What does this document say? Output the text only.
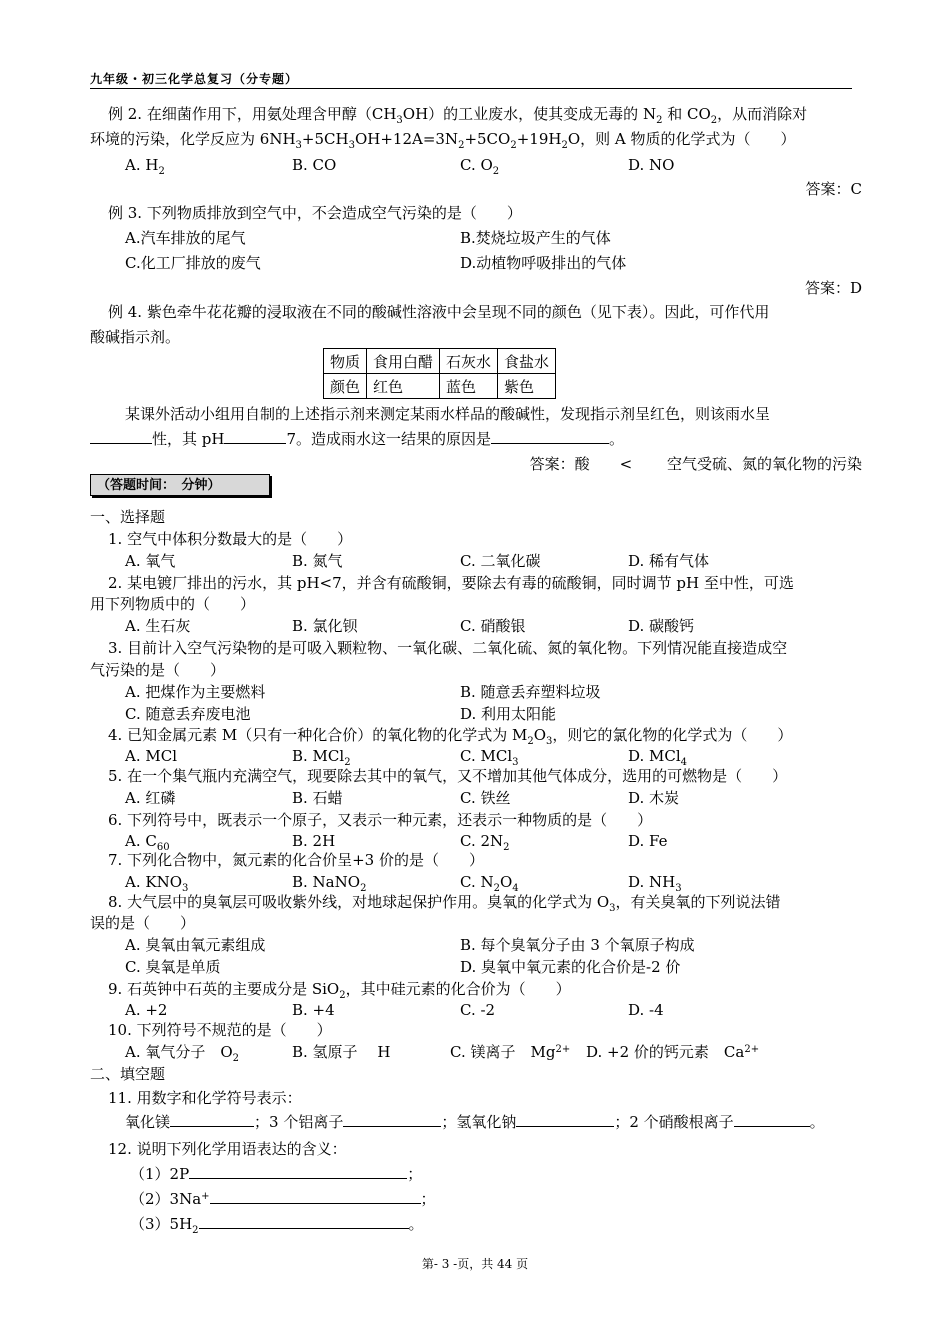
九年级・初三化学总复习（分专题）
例 2. 在细菌作用下，用氨处理含甲醇$(CH_3OH)$的工业废水，使其变成无毒的 $N_2$ 和 $CO_2$，从而消除对
环境的污染，化学反应为 $6NH_3+5CH_3OH+12A=3N_2+5CO_2+19H_2O$，则 A 物质的化学式为（　　）
A. $H_2$	B. CO	C. $O_2$	D. NO
答案：C
例 3. 下列物质排放到空气中，不会造成空气污染的是（　　）
A.汽车排放的尾气	B.焚烧垃圾产生的气体
C.化工厂排放的废气	D.动植物呼吸排出的气体
答案：D
例 4. 紫色牵牛花花瓣的浸取液在不同的酸碱性溶液中会呈现不同的颜色（见下表）。因此，可作代用
酸碱指示剂。
物质	食用白醋	石灰水	食盐水
颜色	红色	蓝色	紫色
某课外活动小组用自制的上述指示剂来测定某雨水样品的酸碱性，发现指示剂呈红色，则该雨水呈
性，其 pH	7。造成雨水这一结果的原因是	。
答案：酸　　<　　 空气受硫、氮的氧化物的污染
（答题时间：　分钟）
一、选择题
1. 空气中体积分数最大的是（　　）
A. 氧气	B. 氮气	C. 二氧化碳	D. 稀有气体
2. 某电镀厂排出的污水，其 pH<7，并含有硫酸铜，要除去有毒的硫酸铜，同时调节 pH 至中性，可选
用下列物质中的（　　）
A. 生石灰	B. 氯化钡	C. 硝酸银	D. 碳酸钙
3. 目前计入空气污染物的是可吸入颗粒物、一氧化碳、二氧化硫、氮的氧化物。下列情况能直接造成空
气污染的是（　　）
A. 把煤作为主要燃料	B. 随意丢弃塑料垃圾
C. 随意丢弃废电池	D. 利用太阳能
4. 已知金属元素 M（只有一种化合价）的氧化物的化学式为 $M_2O_3$，则它的氯化物的化学式为（　　）
A. MCl	B. MCl$_2$	C. MCl$_3$	D. MCl$_4$
5. 在一个集气瓶内充满空气，现要除去其中的氧气，又不增加其他气体成分，选用的可燃物是（　　）
A. 红磷	B. 石蜡	C. 铁丝	D. 木炭
6. 下列符号中，既表示一个原子，又表示一种元素，还表示一种物质的是（　　）
A. $C_{60}$	B. 2H	C. $2N_2$	D. Fe
7. 下列化合物中，氮元素的化合价呈+3 价的是（　　）
A. $KNO_3$	B. NaNO$_2$	C. $N_2O_4$	D. $NH_3$
8. 大气层中的臭氧层可吸收紫外线，对地球起保护作用。臭氧的化学式为 $O_3$，有关臭氧的下列说法错
误的是（　　）
A. 臭氧由氧元素组成	B. 每个臭氧分子由 3 个氧原子构成
C. 臭氧是单质	D. 臭氧中氧元素的化合价是-2 价
9. 石英钟中石英的主要成分是 SiO$_2$，其中硅元素的化合价为（　　）
A. +2	B. +4	C. -2	D. -4
10. 下列符号不规范的是（　　）
A. 氧气分子　$O_2$	B. 氢原子　 H	C. 镁离子　$Mg^{2+}$ D. +2 价的钙元素　$Ca^{2+}$
二、填空题
11. 用数字和化学符号表示：
氧化镁	；3 个铝离子	；氢氧化钠	；2 个硝酸根离子	。
12. 说明下列化学用语表达的含义：
（1）2P	；
（2）3Na+	；
$(3)5H_2$	。
第- 3 -页，共 44 页
